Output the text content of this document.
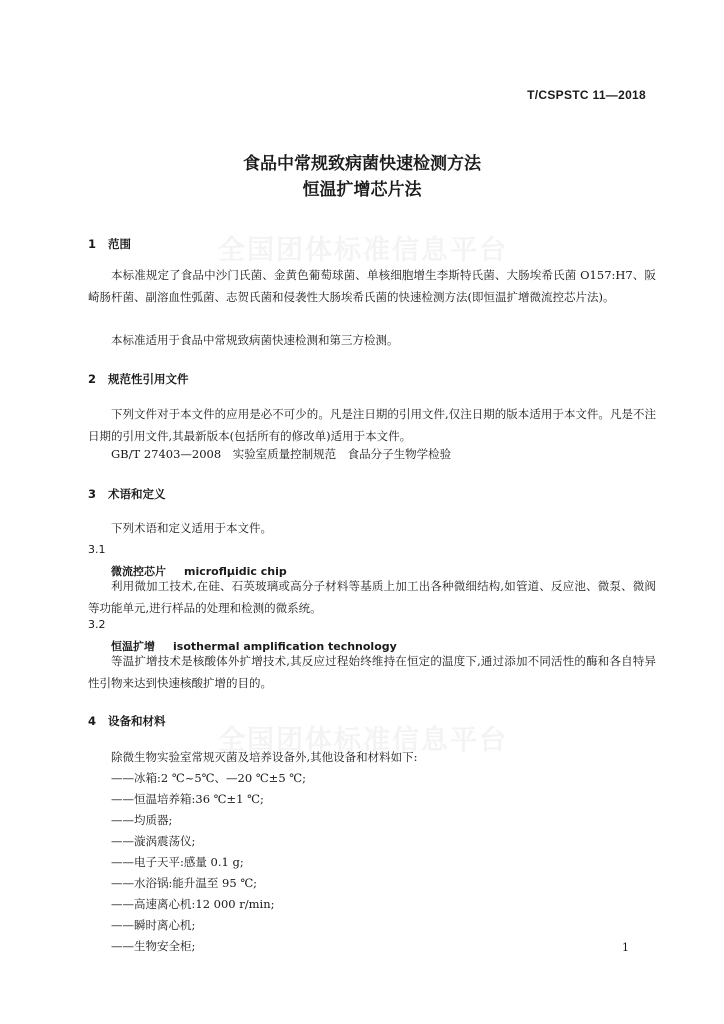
T/CSPSTC 11—2018
食品中常规致病菌快速检测方法
恒温扩增芯片法
全国团体标准信息平台
全国团体标准信息平台
1 范围

本标准规定了食品中沙门氏菌、金黄色葡萄球菌、单核细胞增生李斯特氏菌、大肠埃希氏菌 O157:H7、阪崎肠杆菌、副溶血性弧菌、志贺氏菌和侵袭性大肠埃希氏菌的快速检测方法(即恒温扩增微流控芯片法)。

本标准适用于食品中常规致病菌快速检测和第三方检测。

2 规范性引用文件

下列文件对于本文件的应用是必不可少的。凡是注日期的引用文件,仅注日期的版本适用于本文件。凡是不注日期的引用文件,其最新版本(包括所有的修改单)适用于本文件。

GB/T 27403—2008　实验室质量控制规范　食品分子生物学检验
3 术语和定义
下列术语和定义适用于本文件。
3.1
微流控芯片 microflμidic chip

利用微加工技术,在硅、石英玻璃或高分子材料等基质上加工出各种微细结构,如管道、反应池、微泵、微阀等功能单元,进行样品的处理和检测的微系统。

3.2
恒温扩增 isothermal amplification technology

等温扩增技术是核酸体外扩增技术,其反应过程始终维持在恒定的温度下,通过添加不同活性的酶和各自特异性引物来达到快速核酸扩增的目的。

4 设备和材料
除微生物实验室常规灭菌及培养设备外,其他设备和材料如下:
——冰箱:2 ℃~5℃、—20 ℃±5 ℃;
——恒温培养箱:36 ℃±1 ℃;
——均质器;
——漩涡震荡仪;
——电子天平:感量 0.1 g;
——水浴锅:能升温至 95 ℃;
——高速离心机:12 000 r/min;
——瞬时离心机;
——生物安全柜;	1
